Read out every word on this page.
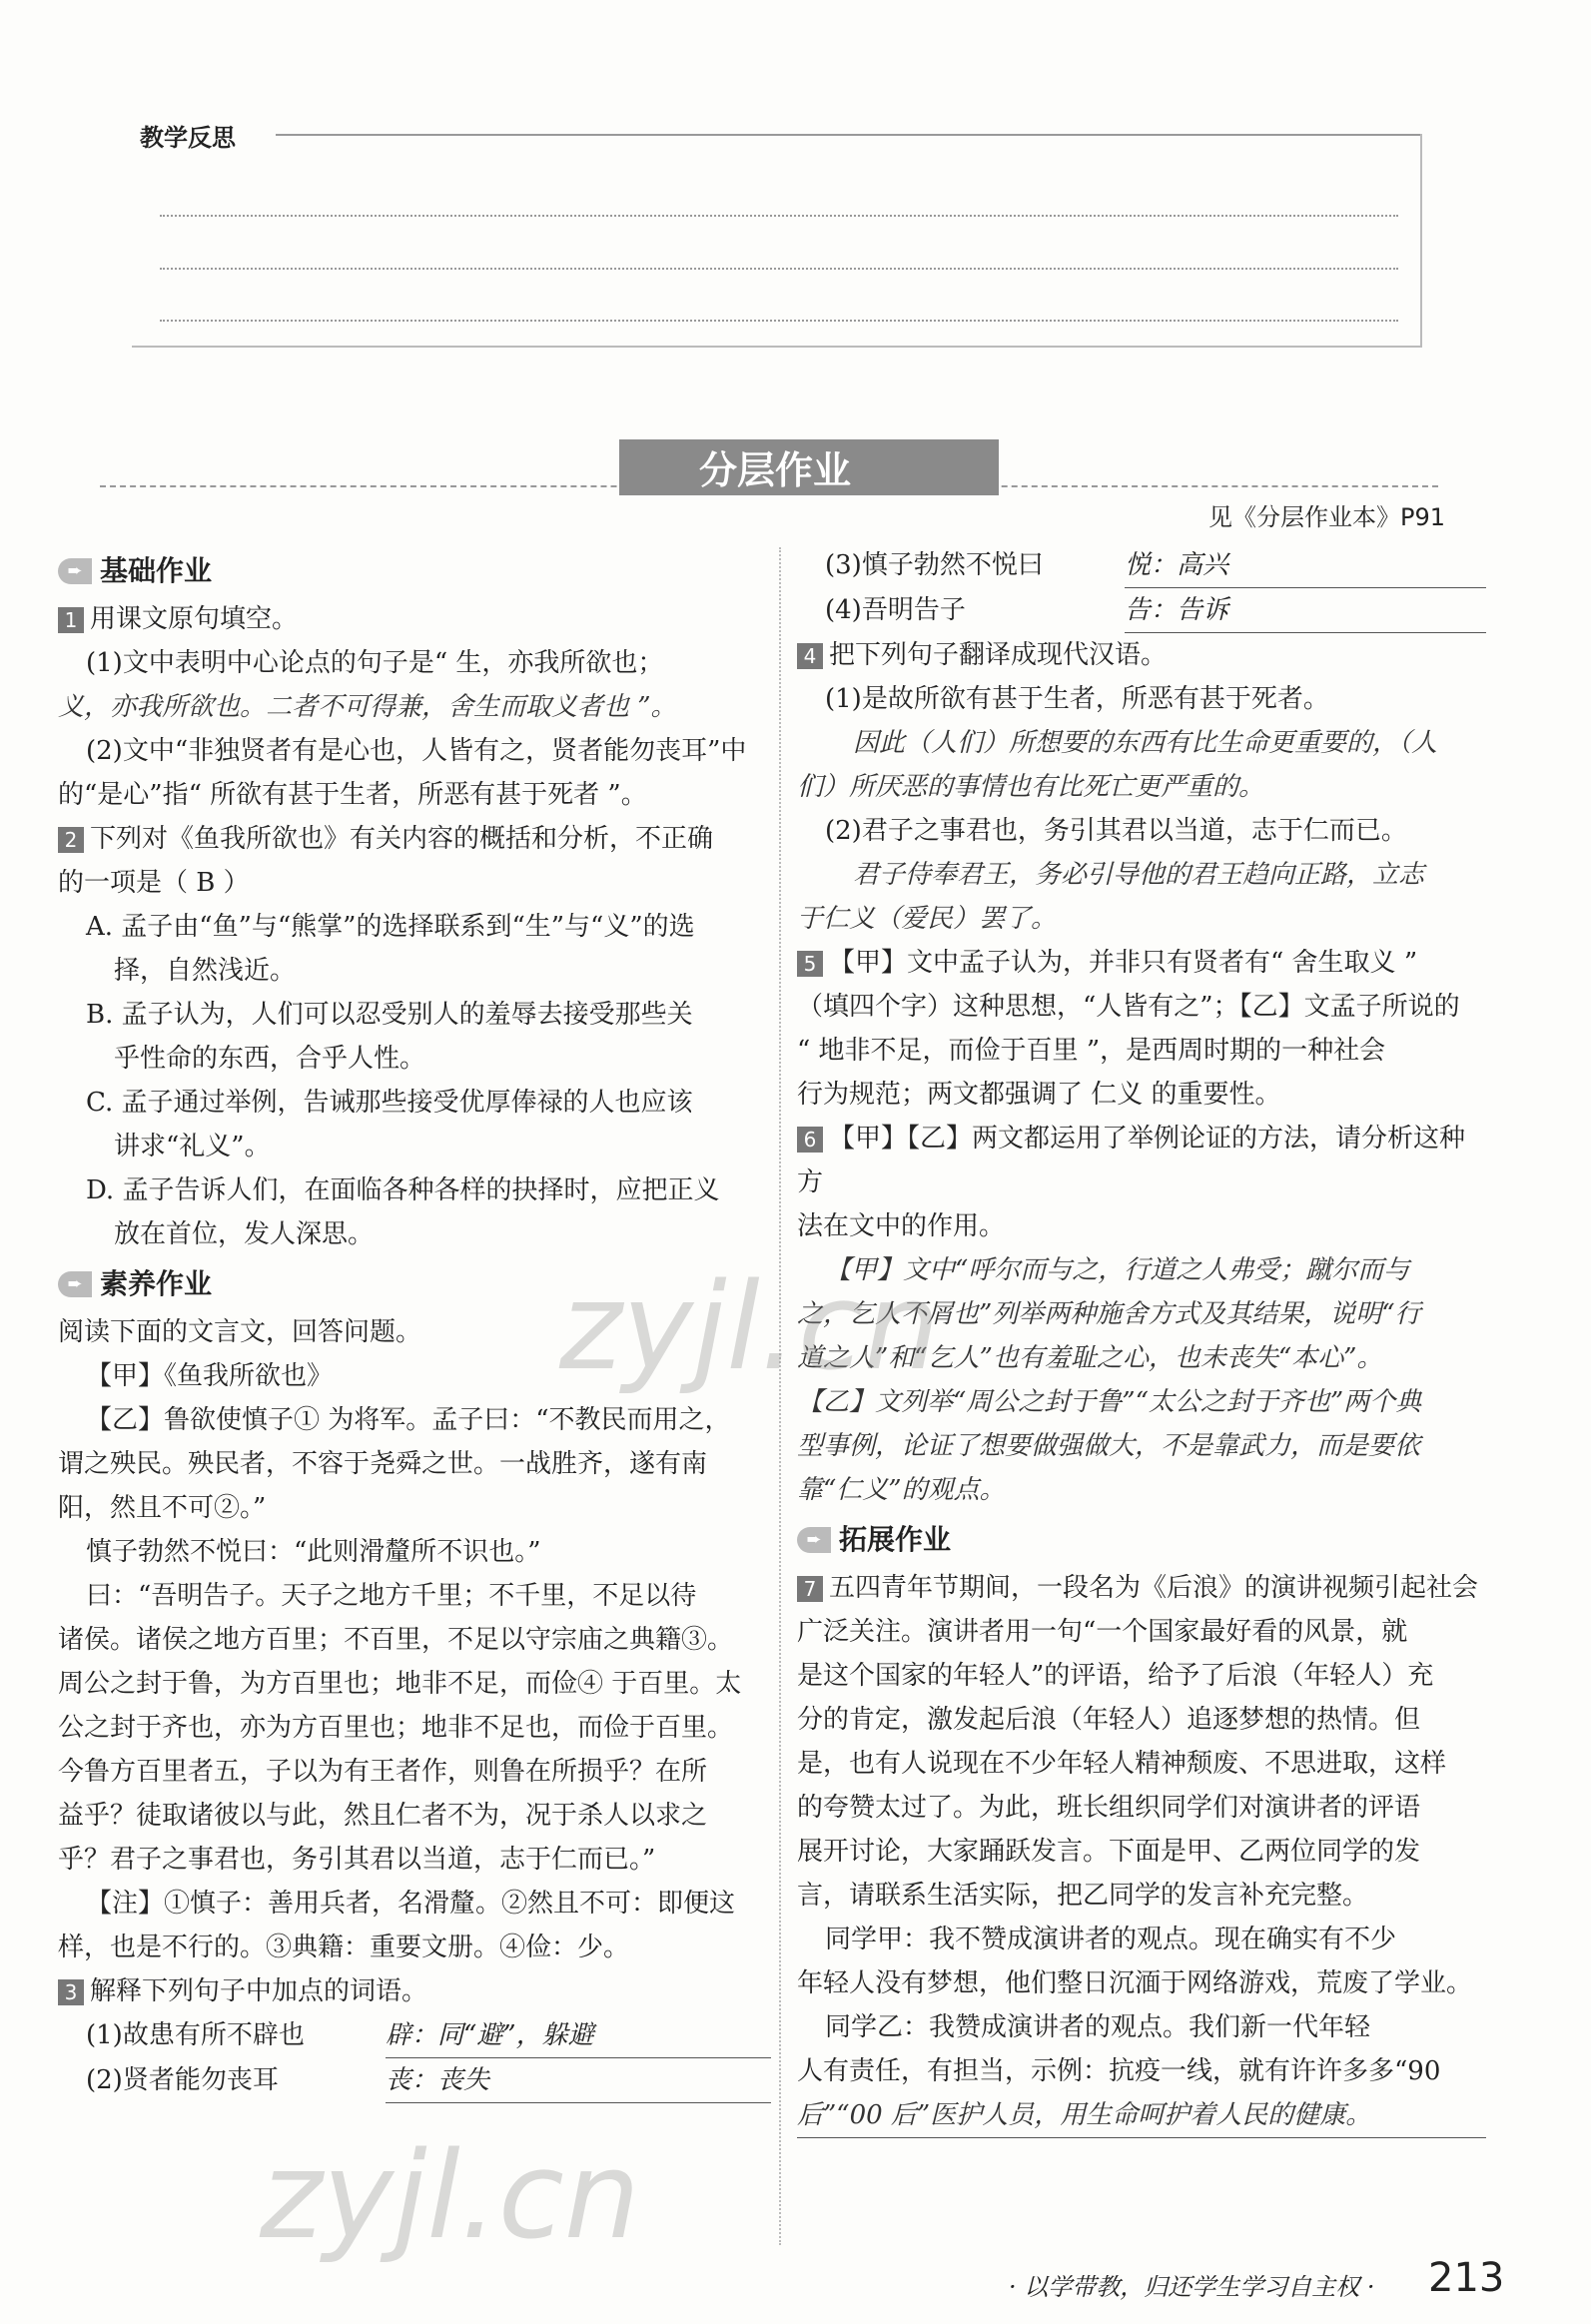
教学反思
分层作业
见《分层作业本》P91
➨ 基础作业

1 用课文原句填空。

(1)文中表明中心论点的句子是“ 生，亦我所欲也；

义，亦我所欲也。二者不可得兼，舍生而取义者也 ”。

(2)文中“非独贤者有是心也，人皆有之，贤者能勿丧耳”中

的“是心”指“ 所欲有甚于生者，所恶有甚于死者 ”。

2 下列对《鱼我所欲也》有关内容的概括和分析，不正确

的一项是（ B ）

A. 孟子由“鱼”与“熊掌”的选择联系到“生”与“义”的选

择，自然浅近。

B. 孟子认为，人们可以忍受别人的羞辱去接受那些关

乎性命的东西，合乎人性。

C. 孟子通过举例，告诫那些接受优厚俸禄的人也应该

讲求“礼义”。

D. 孟子告诉人们，在面临各种各样的抉择时，应把正义

放在首位，发人深思。

➨ 素养作业

阅读下面的文言文，回答问题。

【甲】《鱼我所欲也》

【乙】鲁欲使慎子① 为将军。孟子曰：“不教民而用之，

谓之殃民。殃民者，不容于尧舜之世。一战胜齐，遂有南

阳，然且不可②。”

慎子勃然不悦曰：“此则滑釐所不识也。”

曰：“吾明告子。天子之地方千里；不千里，不足以待

诸侯。诸侯之地方百里；不百里，不足以守宗庙之典籍③。

周公之封于鲁，为方百里也；地非不足，而俭④ 于百里。太

公之封于齐也，亦为方百里也；地非不足也，而俭于百里。

今鲁方百里者五，子以为有王者作，则鲁在所损乎？在所

益乎？徒取诸彼以与此，然且仁者不为，况于杀人以求之

乎？君子之事君也，务引其君以当道，志于仁而已。”

【注】①慎子：善用兵者，名滑釐。②然且不可：即便这

样，也是不行的。③典籍：重要文册。④俭：少。

3 解释下列句子中加点的词语。

(1)故患有所不辟也	辟：同“避”，躲避
(2)贤者能勿丧耳	丧：丧失
(3)慎子勃然不悦曰	悦：高兴
(4)吾明告子	告：告诉

4 把下列句子翻译成现代汉语。

(1)是故所欲有甚于生者，所恶有甚于死者。

因此（人们）所想要的东西有比生命更重要的，（人

们）所厌恶的事情也有比死亡更严重的。

(2)君子之事君也，务引其君以当道，志于仁而已。

君子侍奉君王，务必引导他的君王趋向正路，立志

于仁义（爱民）罢了。

5 【甲】文中孟子认为，并非只有贤者有“ 舍生取义 ”

（填四个字）这种思想，“人皆有之”；【乙】文孟子所说的

“ 地非不足，而俭于百里 ”，是西周时期的一种社会

行为规范；两文都强调了 仁义 的重要性。

6 【甲】【乙】两文都运用了举例论证的方法，请分析这种方

法在文中的作用。

【甲】文中“呼尔而与之，行道之人弗受；蹴尔而与

之，乞人不屑也”列举两种施舍方式及其结果，说明“行

道之人”和“乞人”也有羞耻之心，也未丧失“本心”。

【乙】文列举“周公之封于鲁”“太公之封于齐也”两个典

型事例，论证了想要做强做大，不是靠武力，而是要依

靠“仁义”的观点。

➨ 拓展作业

7 五四青年节期间，一段名为《后浪》的演讲视频引起社会

广泛关注。演讲者用一句“一个国家最好看的风景，就

是这个国家的年轻人”的评语，给予了后浪（年轻人）充

分的肯定，激发起后浪（年轻人）追逐梦想的热情。但

是，也有人说现在不少年轻人精神颓废、不思进取，这样

的夸赞太过了。为此，班长组织同学们对演讲者的评语

展开讨论，大家踊跃发言。下面是甲、乙两位同学的发

言，请联系生活实际，把乙同学的发言补充完整。

同学甲：我不赞成演讲者的观点。现在确实有不少

年轻人没有梦想，他们整日沉湎于网络游戏，荒废了学业。

同学乙：我赞成演讲者的观点。我们新一代年轻

人有责任，有担当，示例：抗疫一线，就有许许多多“90

后”“00 后”医护人员，用生命呵护着人民的健康。

· 以学带教，归还学生学习自主权 · 213
zyjl.cn
zyjl.cn
